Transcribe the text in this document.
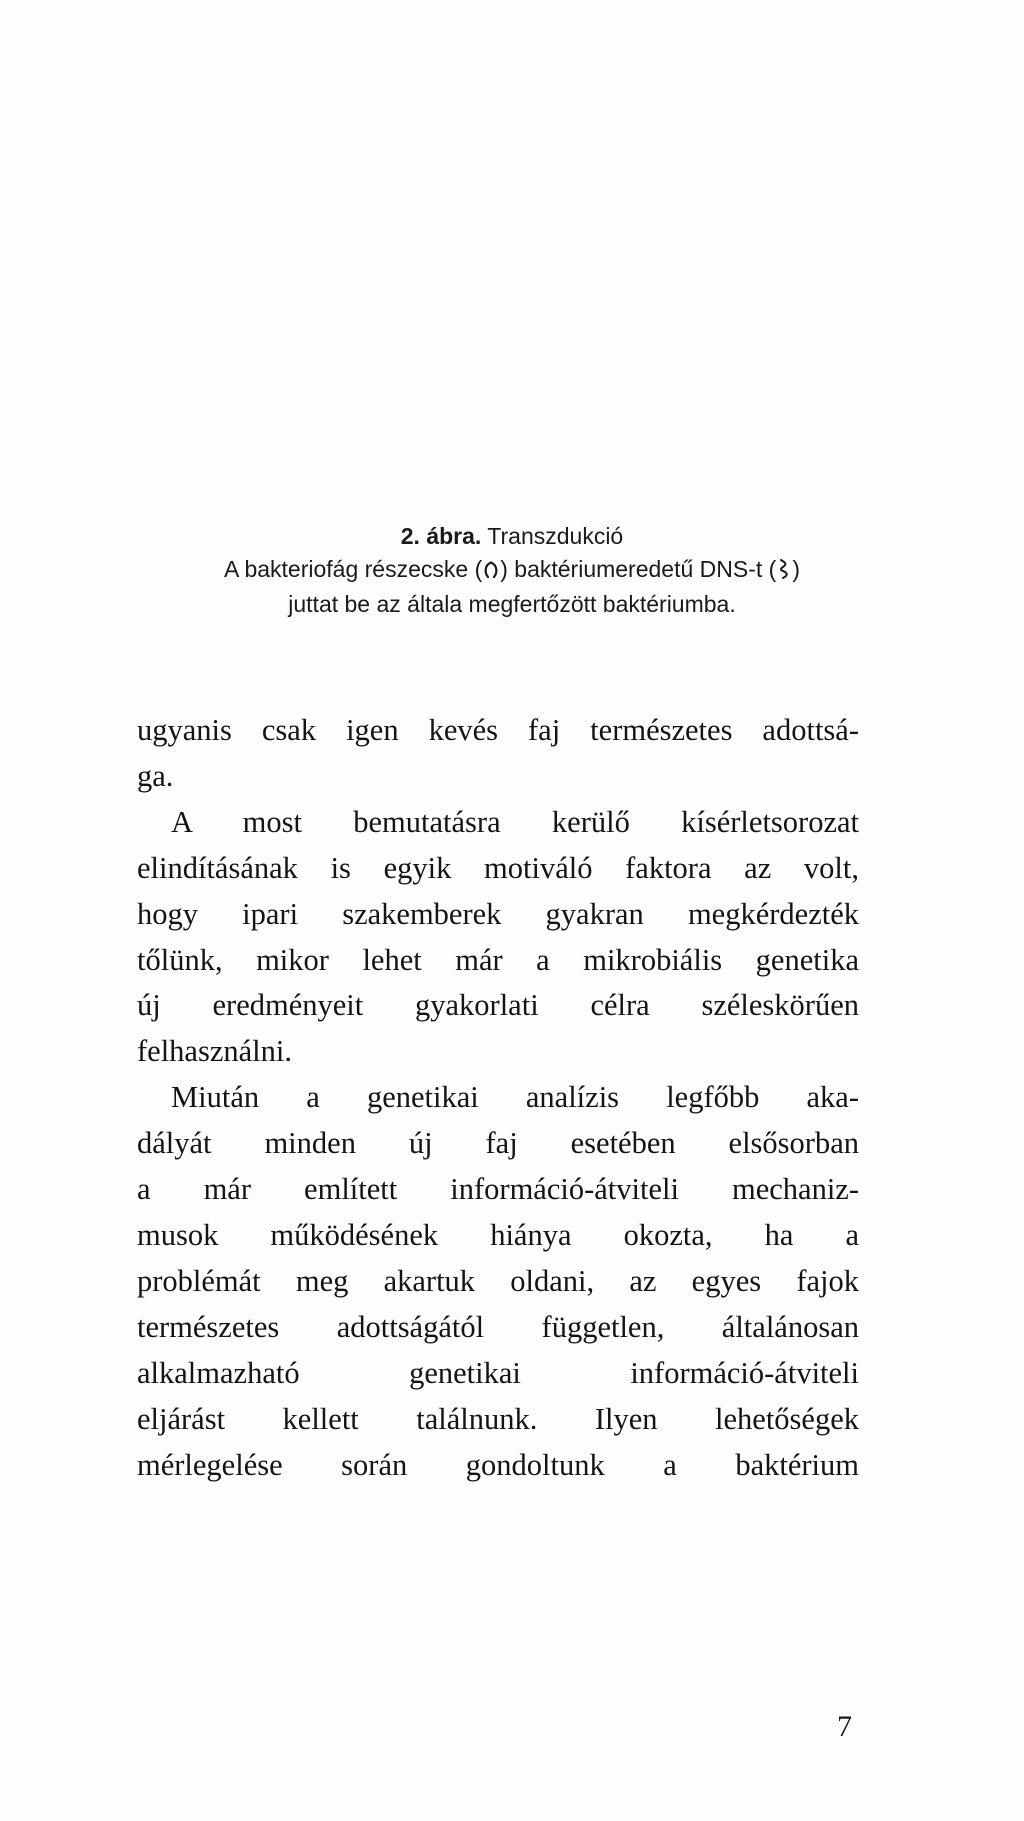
2. ábra. Transzdukció
A bakteriofág részecske ( ) baktériumeredetű DNS-t ( )
juttat be az általa megfertőzött baktériumba.

ugyanis csak igen kevés faj természetes adottsá-
ga.

A most bemutatásra kerülő kísérletsorozat
elindításának is egyik motiváló faktora az volt,
hogy ipari szakemberek gyakran megkérdezték
tőlünk, mikor lehet már a mikrobiális genetika
új eredményeit gyakorlati célra széleskörűen
felhasználni.

Miután a genetikai analízis legfőbb aka-
dályát minden új faj esetében elsősorban
a már említett információ-átviteli mechaniz-
musok működésének hiánya okozta, ha a
problémát meg akartuk oldani, az egyes fajok
természetes adottságától független, általánosan
alkalmazható genetikai információ-átviteli
eljárást kellett találnunk. Ilyen lehetőségek
mérlegelése során gondoltunk a baktérium

7
